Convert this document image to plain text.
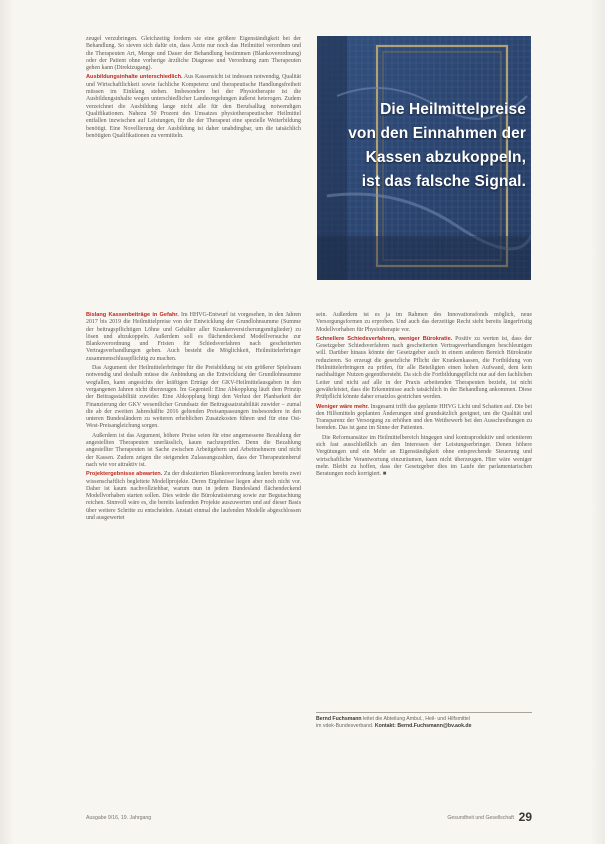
zeugel verzubringen. Gleichzeitig fordern sie eine größere Eigenständigkeit bei der Behandlung. So sieven sich dafür ein, dass Ärzte nur noch das Heilmittel verordnen und die Therapeuten Art, Menge und Dauer der Behandlung bestimmen (Blankoverordnung) oder der Patient ohne vorherige ärztliche Diagnose und Verordnung zum Therapeuten gehen kann (Direktzugang).

Ausbildungsinhalte unterschiedlich. Aus Kassensicht ist indessen notwendig, Qualität und Wirtschaftlichkeit sowie fachliche Kompetenz und therapeutische Handlungsfreiheit müssen im Einklang stehen. Insbesondere bei der Physiotherapie ist die Ausbildungsinhalte wegen unterschiedlicher Landesregelungen äußerst heterogen. Zudem verzeichnet die Ausbildung lange nicht alle für den Berufsalltag notwendigen Qualifikationen. Nahezu 50 Prozent des Umsatzes physiotherapeutischer Heilmittel entfallen inzwischen auf Leistungen, für die der Therapeut eine spezielle Weiterbildung benötigt. Eine Novellierung der Ausbildung ist daher unabdingbar, um die tatsächlich benötigten Qualifikationen zu vermitteln.

Die Heilmittelpreise
von den Einnahmen der
Kassen abzukoppeln,
ist das falsche Signal.

Bislang Kassenbeiträge in Gefahr. Im HHVG-Entwurf ist vorgesehen, in den Jahren 2017 bis 2019 die Heilmittelpreise von der Entwicklung der Grundlohnsumme (Summe der beitragspflichtigen Löhne und Gehälter aller Krankenversicherungsmitglieder) zu lösen und abzukoppeln. Außerdem soll es flächendeckend Modellversuche zur Blankoverordnung und Fristen für Schiedsverfahren nach gescheiterten Vertragsverhandlungen geben. Auch besteht die Möglichkeit, Heilmittelerbringer zusammenschlusspflichtig zu machen.

Das Argument der Heilmittelerbringer für die Preisbildung ist ein größerer Spielraum notwendig und deshalb müsse die Anbindung an die Entwicklung der Grundlohnsumme wegfallen, kann angesichts der kräftigen Erträge der GKV-Heilmittelausgaben in den vergangenen Jahren nicht überzeugen. Im Gegenteil: Eine Abkopplung läuft dem Prinzip der Beitragsstabilität zuwider. Eine Abkopplung birgt den Verlust der Planbarkeit der Finanzierung der GKV wesentlicher Grundsatz der Beitragssatzstabilität zuwider – zumal die ab der zweiten Jahreshälfte 2016 geltenden Preisanpassungen insbesondere in den unteren Bundesländern zu weiteren erheblichen Zusatzkosten führen und für eine Ost-West-Preisangleichung sorgen.

Außerdem ist das Argument, höhere Preise seien für eine angemessene Bezahlung der angestellten Therapeuten unerlässlich, kaum nachzuprüfen. Denn die Bezahlung angestellter Therapeuten ist Sache zwischen Arbeitgebern und Arbeitnehmern und nicht der Kassen. Zudem zeigen die steigenden Zulassungszahlen, dass der Therapeutenberuf nach wie vor attraktiv ist.

Projektergebnisse abwarten. Zu der diskutierten Blankoverordnung laufen bereits zwei wissenschaftlich begleitete Modellprojekte. Deren Ergebnisse liegen aber noch nicht vor. Daher ist kaum nachvollziehbar, warum nun in jedem Bundesland flächendeckend Modellvorhaben starten sollen. Dies würde die Bürokratisierung sowie zur Begutachtung reichen. Sinnvoll wäre es, die bereits laufenden Projekte auszuwerten und auf dieser Basis über weitere Schritte zu entscheiden. Anstatt einmal die laufenden Modelle abgeschlossen und ausgewertet

sein. Außerdem ist es ja im Rahmen des Innovationsfonds möglich, neue Versorgungsformen zu erproben. Und auch das derzeitige Recht sieht bereits längerfristig Modellvorhaben für Physiotherapie vor.

Schnellere Schiedsverfahren, weniger Bürokratie. Positiv zu werten ist, dass der Gesetzgeber Schiedsverfahren nach gescheiterten Vertragsverhandlungen beschleunigen will. Darüber hinaus könnte der Gesetzgeber auch in einem anderen Bereich Bürokratie reduzieren. So erzeugt die gesetzliche Pflicht der Krankenkassen, die Fortbildung von Heilmittelerbringern zu prüfen, für alle Beteiligten einen hohen Aufwand, dem kein nachhaltiger Nutzen gegenübersteht. Da sich die Fortbildungspflicht nur auf den fachlichen Leiter und nicht auf alle in der Praxis arbeitenden Therapeuten bezieht, ist nicht gewährleistet, dass die Erkenntnisse auch tatsächlich in der Behandlung ankommen. Diese Prüfpflicht könnte daher ersatzlos gestrichen werden.

Weniger wäre mehr. Insgesamt trifft das geplante HHVG Licht und Schatten auf. Die bei den Hilfsmitteln geplanten Änderungen sind grundsätzlich geeignet, um die Qualität und Transparenz der Versorgung zu erhöhen und den Wettbewerb bei den Ausschreibungen zu beenden. Das ist ganz im Sinne der Patienten.

Die Reformansätze im Heilmittelbereich hingegen sind kontraproduktiv und orientieren sich fast ausschließlich an den Interessen der Leistungserbringer. Denen höhere Vergütungen und ein Mehr an Eigenständigkeit ohne entsprechende Steuerung und wirtschaftliche Verantwortung einzuräumen, kann nicht überzeugen. Hier wäre weniger mehr. Bleibt zu hoffen, dass der Gesetzgeber dies im Laufe der parlamentarischen Beratungen noch korrigiert. ■

Bernd Fuchsmann leitet die Abteilung Ambul., Heil- und Hilfsmittel
im vdek-Bundesverband. Kontakt: Bernd.Fuchsmann@bv.aok.de
Ausgabe 9/16, 19. Jahrgang	Gesundheit und Gesellschaft 29
